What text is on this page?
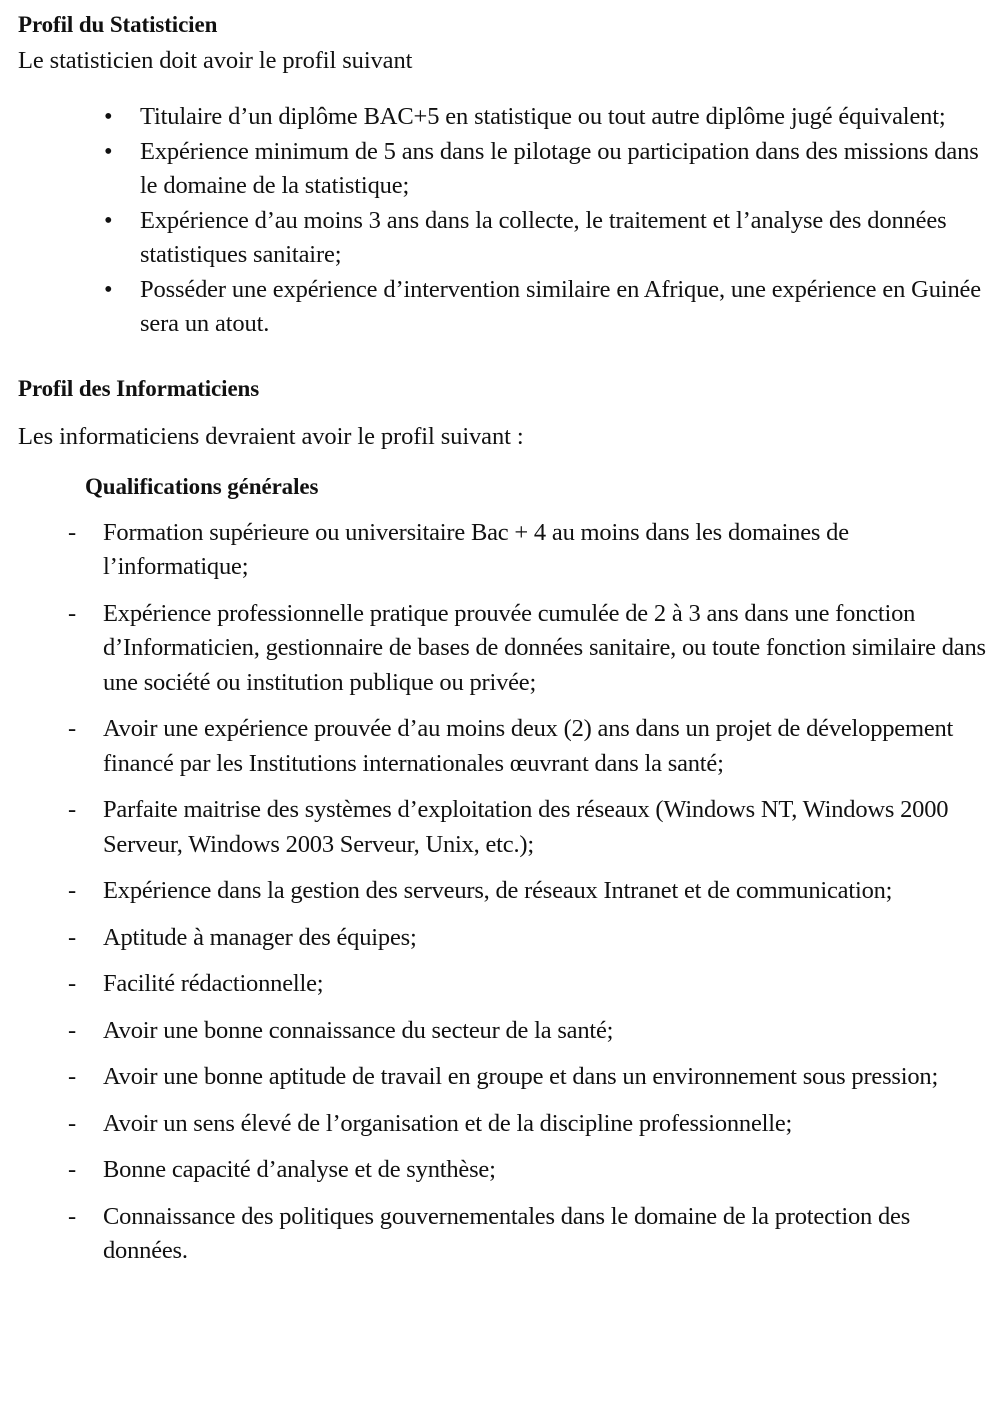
Profil du Statisticien

Le statisticien doit avoir le profil suivant

•	Titulaire d’un diplôme BAC+5 en statistique ou tout autre diplôme jugé équivalent;
•	Expérience minimum de 5 ans dans le pilotage ou participation dans des missions dans le domaine de la statistique;
•	Expérience d’au moins 3 ans dans la collecte, le traitement et l’analyse des données statistiques sanitaire;
•	Posséder une expérience d’intervention similaire en Afrique, une expérience en Guinée sera un atout.
Profil des Informaticiens

Les informaticiens devraient avoir le profil suivant :

Qualifications générales
-	Formation supérieure ou universitaire Bac + 4 au moins dans les domaines de l’informatique;
-	Expérience professionnelle pratique prouvée cumulée de 2 à 3 ans dans une fonction d’Informaticien, gestionnaire de bases de données sanitaire, ou toute fonction similaire dans une société ou institution publique ou privée;
-	Avoir une expérience prouvée d’au moins deux (2) ans dans un projet de développement financé par les Institutions internationales œuvrant dans la santé;
-	Parfaite maitrise des systèmes d’exploitation des réseaux (Windows NT, Windows 2000 Serveur, Windows 2003 Serveur, Unix, etc.);
-	Expérience dans la gestion des serveurs, de réseaux Intranet et de communication;
-	Aptitude à manager des équipes;
-	Facilité rédactionnelle;
-	Avoir une bonne connaissance du secteur de la santé;
-	Avoir une bonne aptitude de travail en groupe et dans un environnement sous pression;
-	Avoir un sens élevé de l’organisation et de la discipline professionnelle;
-	Bonne capacité d’analyse et de synthèse;
-	Connaissance des politiques gouvernementales dans le domaine de la protection des données.
